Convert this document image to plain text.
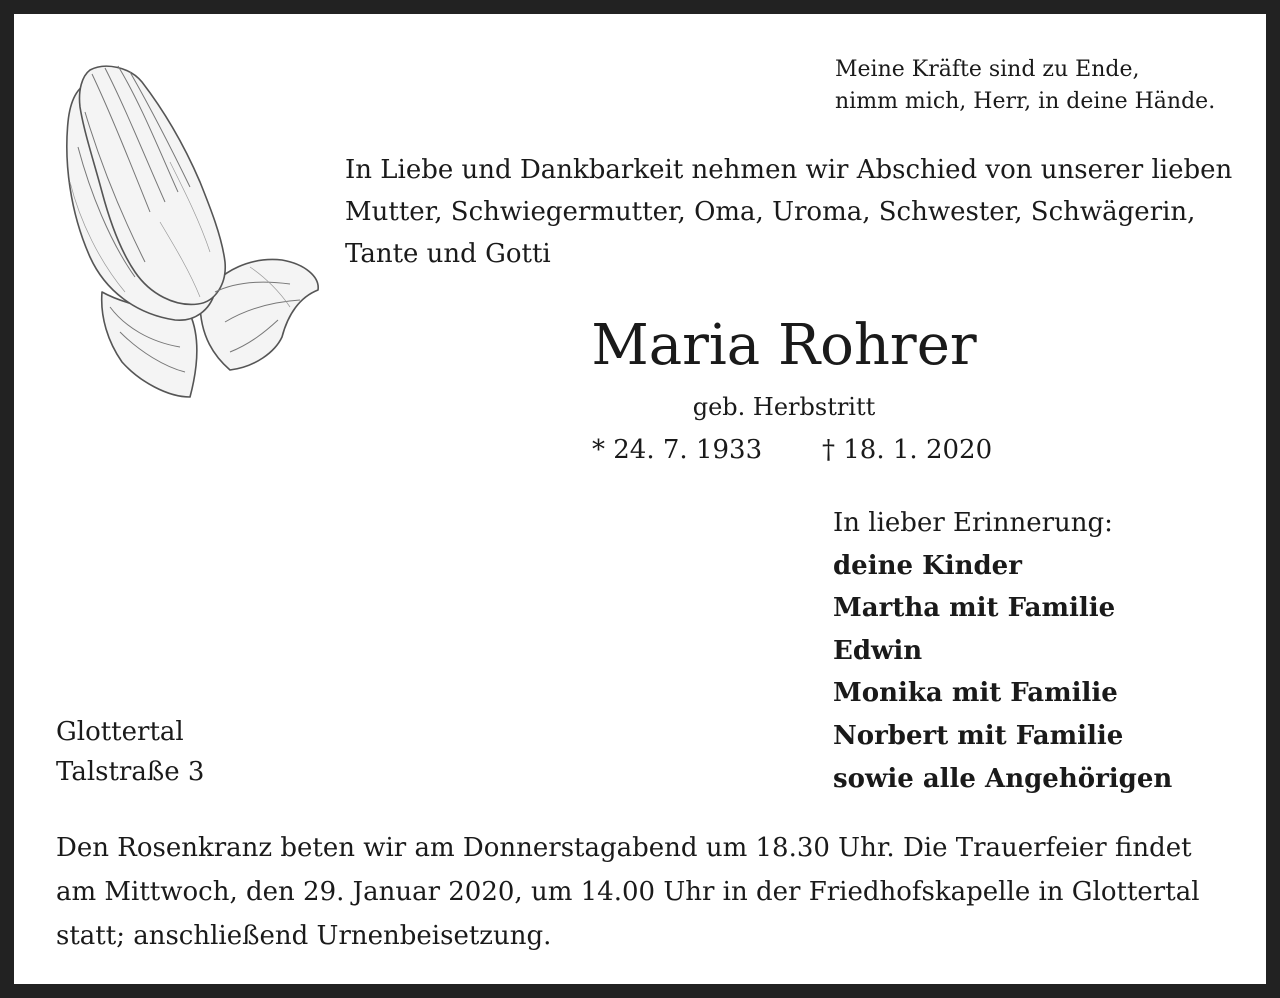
Meine Kräfte sind zu Ende,
nimm mich, Herr, in deine Hände.
In Liebe und Dankbarkeit nehmen wir Abschied von unserer lieben
Mutter, Schwiegermutter, Oma, Uroma, Schwester, Schwägerin,
Tante und Gotti
Maria Rohrer
geb. Herbstritt
* 24. 7. 1933 † 18. 1. 2020
In lieber Erinnerung:
deine Kinder
Martha mit Familie
Edwin
Monika mit Familie
Norbert mit Familie
sowie alle Angehörigen
Glottertal
Talstraße 3
Den Rosenkranz beten wir am Donnerstagabend um 18.30 Uhr. Die Trauerfeier findet
am Mittwoch, den 29. Januar 2020, um 14.00 Uhr in der Friedhofskapelle in Glottertal
statt; anschließend Urnenbeisetzung.
